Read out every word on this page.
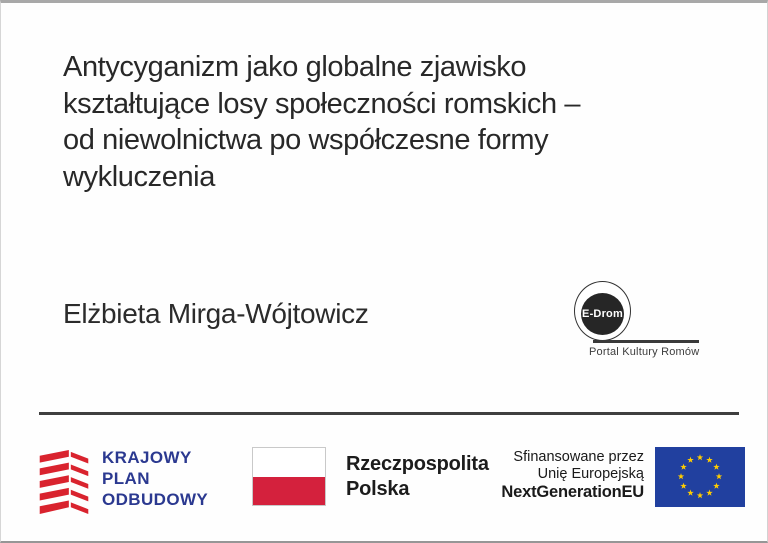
Antycyganizm jako globalne zjawisko
kształtujące losy społeczności romskich –
od niewolnictwa po współczesne formy
wykluczenia
Elżbieta Mirga-Wójtowicz	E-Drom
Portal Kultury Romów
KRAJOWY
PLAN
ODBUDOWY
Rzeczpospolita
Polska
Sfinansowane przez
Unię Europejską
NextGenerationEU
